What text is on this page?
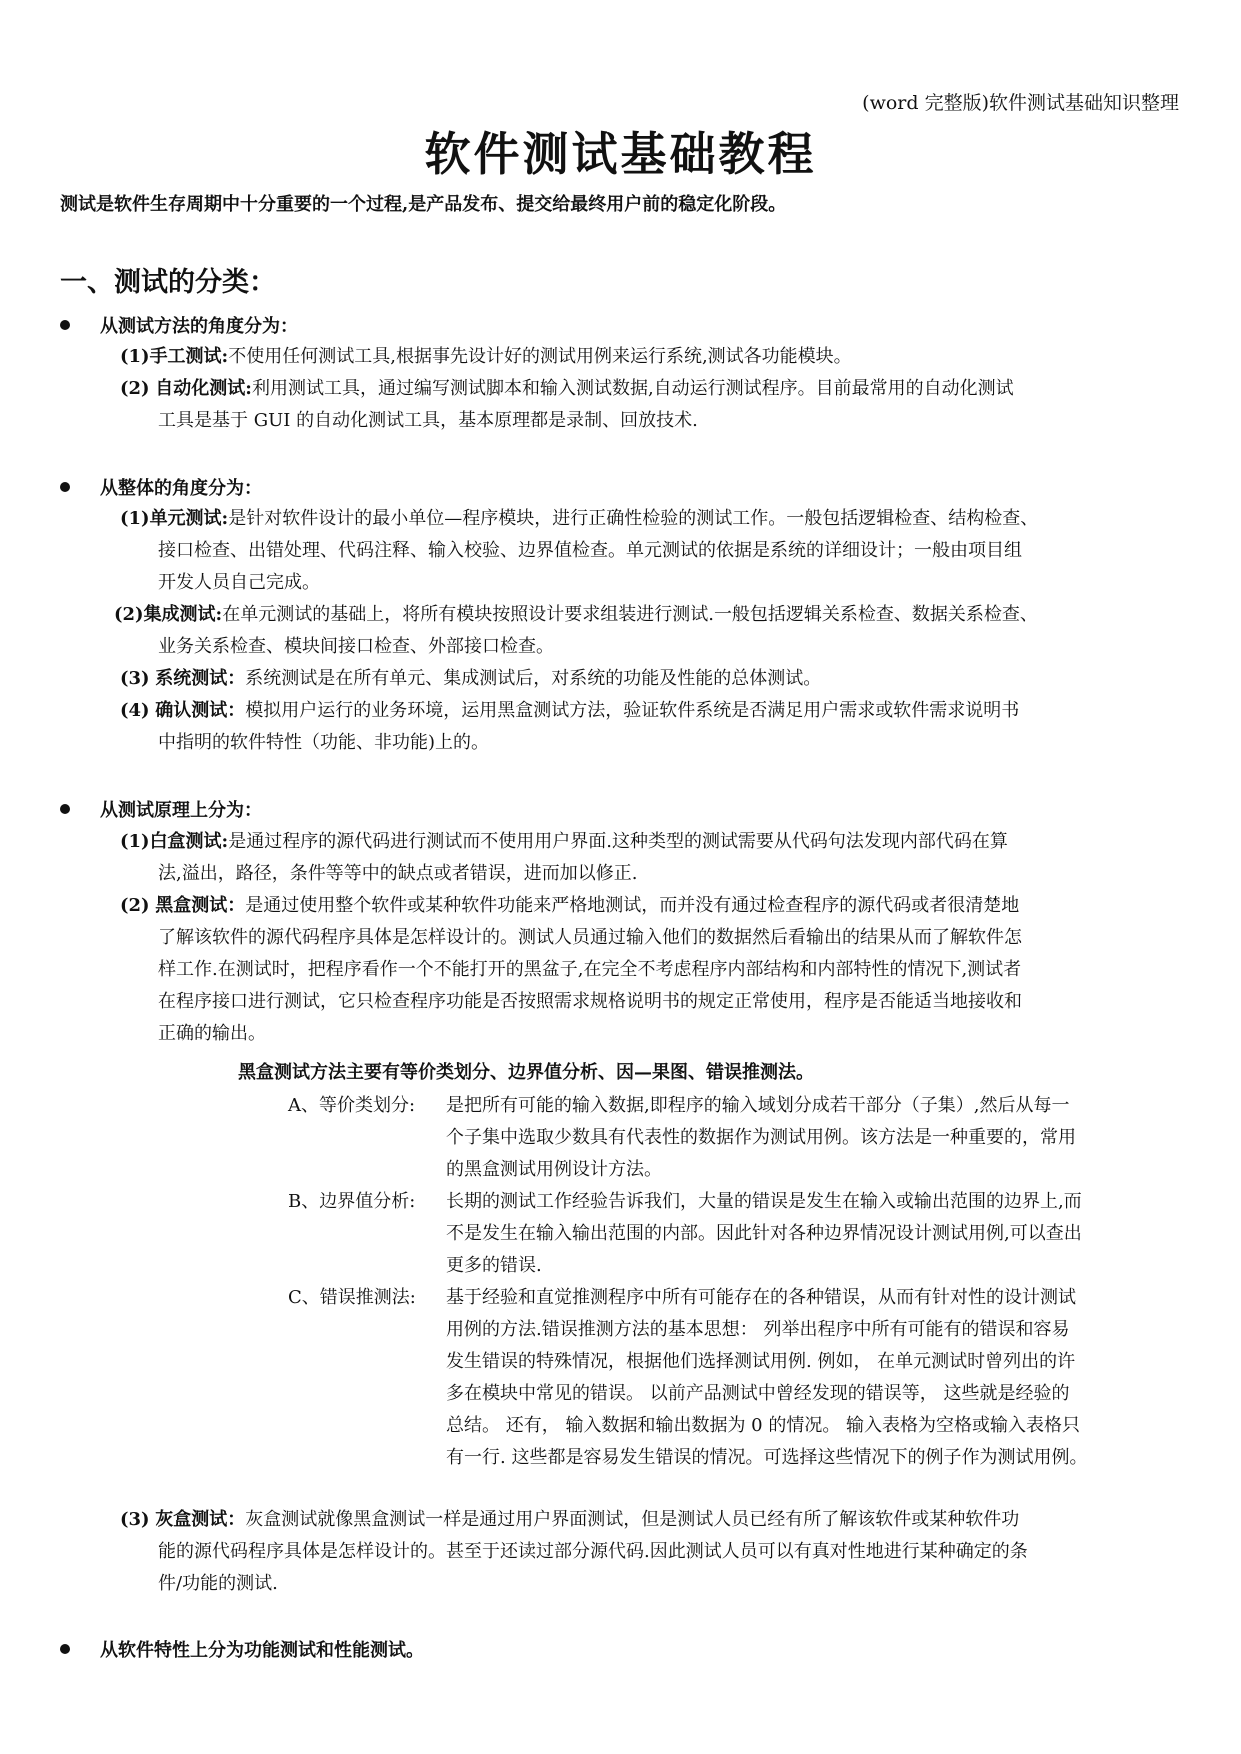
(word 完整版)软件测试基础知识整理
软件测试基础教程
测试是软件生存周期中十分重要的一个过程,是产品发布、提交给最终用户前的稳定化阶段。
一、测试的分类：
从测试方法的角度分为：
(1)手工测试:不使用任何测试工具,根据事先设计好的测试用例来运行系统,测试各功能模块。
(2) 自动化测试:利用测试工具，通过编写测试脚本和输入测试数据,自动运行测试程序。目前最常用的自动化测试
工具是基于 GUI 的自动化测试工具，基本原理都是录制、回放技术.
从整体的角度分为：
(1)单元测试:是针对软件设计的最小单位—程序模块，进行正确性检验的测试工作。一般包括逻辑检查、结构检查、
接口检查、出错处理、代码注释、输入校验、边界值检查。单元测试的依据是系统的详细设计；一般由项目组
开发人员自己完成。
(2)集成测试:在单元测试的基础上，将所有模块按照设计要求组装进行测试.一般包括逻辑关系检查、数据关系检查、
业务关系检查、模块间接口检查、外部接口检查。
(3) 系统测试：系统测试是在所有单元、集成测试后，对系统的功能及性能的总体测试。
(4) 确认测试：模拟用户运行的业务环境，运用黑盒测试方法，验证软件系统是否满足用户需求或软件需求说明书
中指明的软件特性（功能、非功能)上的。
从测试原理上分为：
(1)白盒测试:是通过程序的源代码进行测试而不使用用户界面.这种类型的测试需要从代码句法发现内部代码在算
法,溢出，路径，条件等等中的缺点或者错误，进而加以修正.
(2) 黑盒测试：是通过使用整个软件或某种软件功能来严格地测试，而并没有通过检查程序的源代码或者很清楚地
了解该软件的源代码程序具体是怎样设计的。测试人员通过输入他们的数据然后看输出的结果从而了解软件怎
样工作.在测试时，把程序看作一个不能打开的黑盆子,在完全不考虑程序内部结构和内部特性的情况下,测试者
在程序接口进行测试，它只检查程序功能是否按照需求规格说明书的规定正常使用，程序是否能适当地接收和
正确的输出。
黑盒测试方法主要有等价类划分、边界值分析、因—果图、错误推测法。
A、等价类划分: 是把所有可能的输入数据,即程序的输入域划分成若干部分（子集）,然后从每一
个子集中选取少数具有代表性的数据作为测试用例。该方法是一种重要的，常用
的黑盒测试用例设计方法。
B、边界值分析: 长期的测试工作经验告诉我们，大量的错误是发生在输入或输出范围的边界上,而
不是发生在输入输出范围的内部。因此针对各种边界情况设计测试用例,可以查出
更多的错误.
C、错误推测法: 基于经验和直觉推测程序中所有可能存在的各种错误，从而有针对性的设计测试
用例的方法.错误推测方法的基本思想： 列举出程序中所有可能有的错误和容易
发生错误的特殊情况，根据他们选择测试用例. 例如， 在单元测试时曾列出的许
多在模块中常见的错误。 以前产品测试中曾经发现的错误等， 这些就是经验的
总结。 还有， 输入数据和输出数据为 0 的情况。 输入表格为空格或输入表格只
有一行. 这些都是容易发生错误的情况。可选择这些情况下的例子作为测试用例。
(3) 灰盒测试：灰盒测试就像黑盒测试一样是通过用户界面测试，但是测试人员已经有所了解该软件或某种软件功
能的源代码程序具体是怎样设计的。甚至于还读过部分源代码.因此测试人员可以有真对性地进行某种确定的条
件/功能的测试.
从软件特性上分为功能测试和性能测试。
